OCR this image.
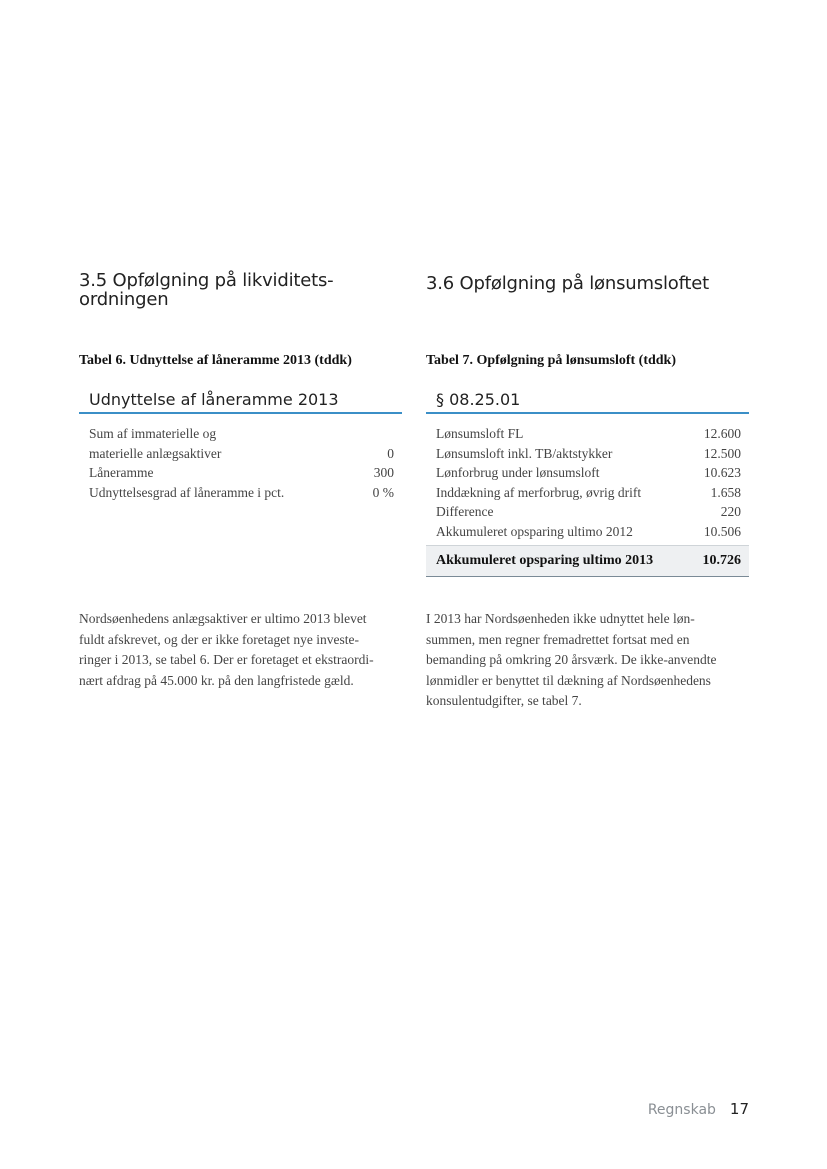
3.5 Opfølgning på likviditets-
ordningen

Tabel 6. Udnyttelse af låneramme 2013 (tddk)

Udnyttelse af låneramme 2013
Sum af immaterielle og
materielle anlægsaktiver	0
Låneramme	300
Udnyttelsesgrad af låneramme i pct.	0 %
Nordsøenhedens anlægsaktiver er ultimo 2013 blevet
fuldt afskrevet, og der er ikke foretaget nye investe-
ringer i 2013, se tabel 6. Der er foretaget et ekstraordi-
nært afdrag på 45.000 kr. på den langfristede gæld.
3.6 Opfølgning på lønsumsloftet

Tabel 7. Opfølgning på lønsumsloft (tddk)

§ 08.25.01
Lønsumsloft FL	12.600
Lønsumsloft inkl. TB/aktstykker	12.500
Lønforbrug under lønsumsloft	10.623
Inddækning af merforbrug, øvrig drift	1.658
Difference	220
Akkumuleret opsparing ultimo 2012	10.506
Akkumuleret opsparing ultimo 2013	10.726
I 2013 har Nordsøenheden ikke udnyttet hele løn-
summen, men regner fremadrettet fortsat med en
bemanding på omkring 20 årsværk. De ikke-anvendte
lønmidler er benyttet til dækning af Nordsøenhedens
konsulentudgifter, se tabel 7.
Regnskab 17
